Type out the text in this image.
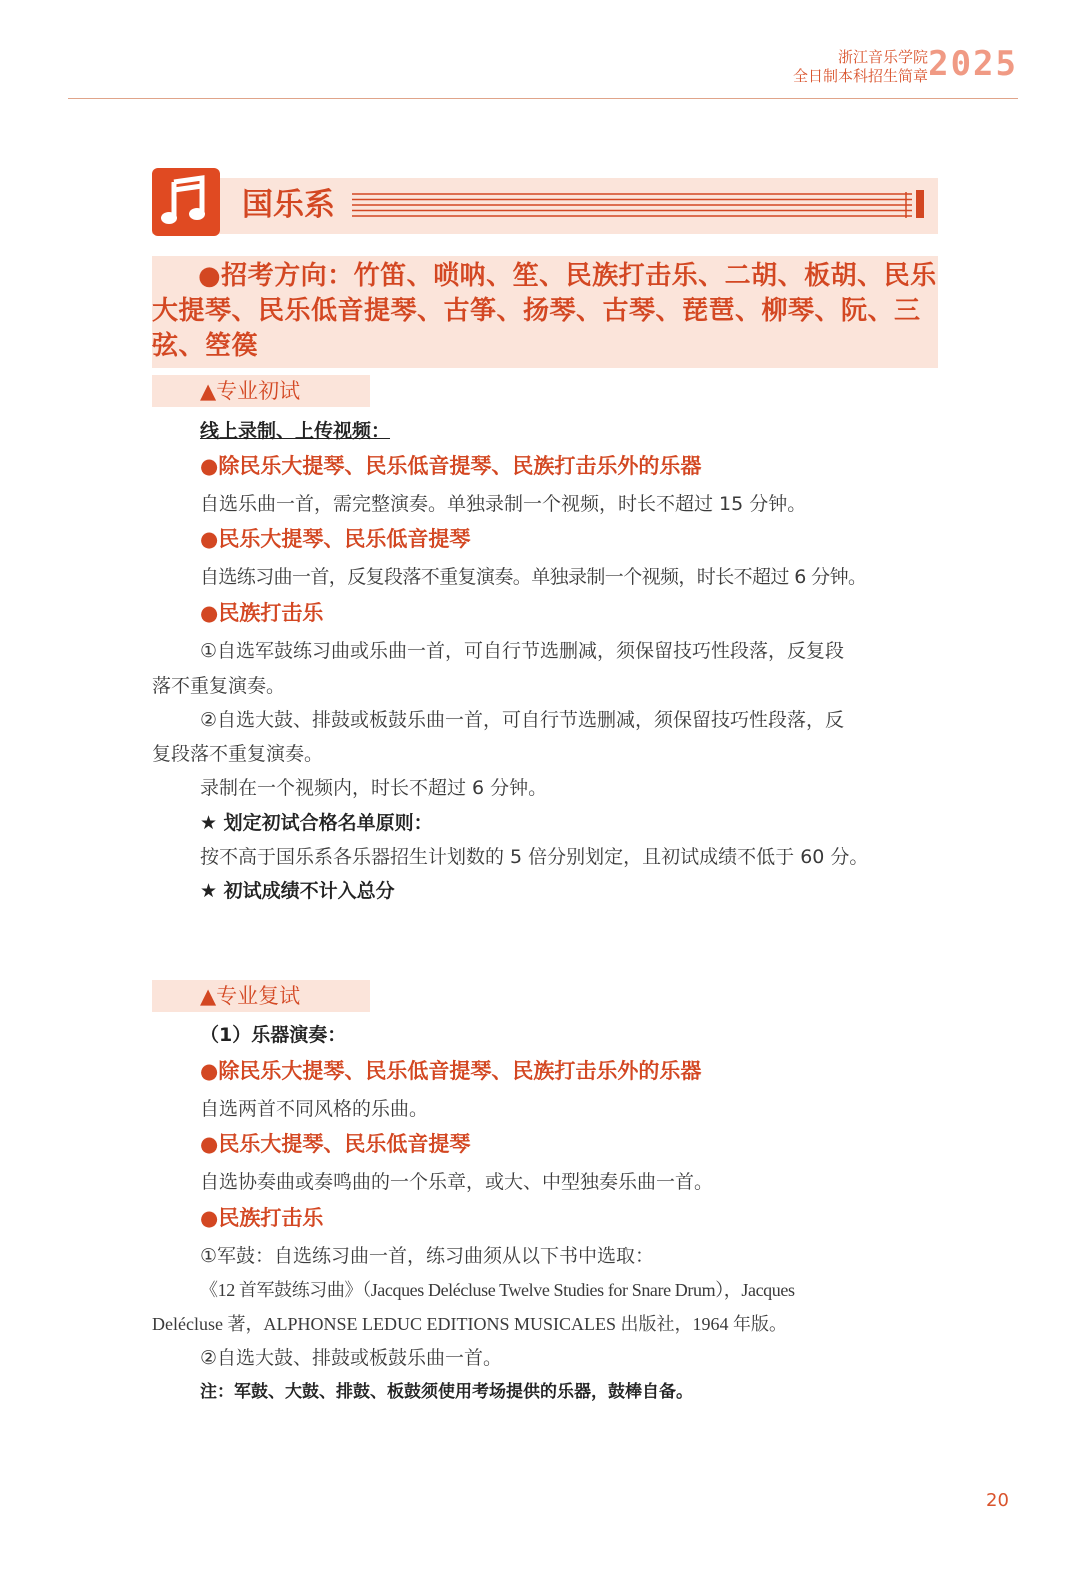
浙江音乐学院
全日制本科招生简章 2025
国乐系

●招考方向：竹笛、唢呐、笙、民族打击乐、二胡、板胡、民乐大提琴、民乐低音提琴、古筝、扬琴、古琴、琵琶、柳琴、阮、三弦、箜篌

▲专业初试
线上录制、上传视频：
●除民乐大提琴、民乐低音提琴、民族打击乐外的乐器
自选乐曲一首，需完整演奏。单独录制一个视频，时长不超过 15 分钟。
●民乐大提琴、民乐低音提琴
自选练习曲一首，反复段落不重复演奏。单独录制一个视频，时长不超过 6 分钟。
●民族打击乐
①自选军鼓练习曲或乐曲一首，可自行节选删减，须保留技巧性段落，反复段
落不重复演奏。
②自选大鼓、排鼓或板鼓乐曲一首，可自行节选删减，须保留技巧性段落，反
复段落不重复演奏。
录制在一个视频内，时长不超过 6 分钟。
★ 划定初试合格名单原则：
按不高于国乐系各乐器招生计划数的 5 倍分别划定，且初试成绩不低于 60 分。
★ 初试成绩不计入总分
▲专业复试
（1）乐器演奏：
●除民乐大提琴、民乐低音提琴、民族打击乐外的乐器
自选两首不同风格的乐曲。
●民乐大提琴、民乐低音提琴
自选协奏曲或奏鸣曲的一个乐章，或大、中型独奏乐曲一首。
●民族打击乐
①军鼓：自选练习曲一首，练习曲须从以下书中选取：
《12 首军鼓练习曲》（Jacques Delécluse Twelve Studies for Snare Drum），Jacques
Delécluse 著，ALPHONSE LEDUC EDITIONS MUSICALES 出版社，1964 年版。
②自选大鼓、排鼓或板鼓乐曲一首。
注：军鼓、大鼓、排鼓、板鼓须使用考场提供的乐器，鼓棒自备。
20
